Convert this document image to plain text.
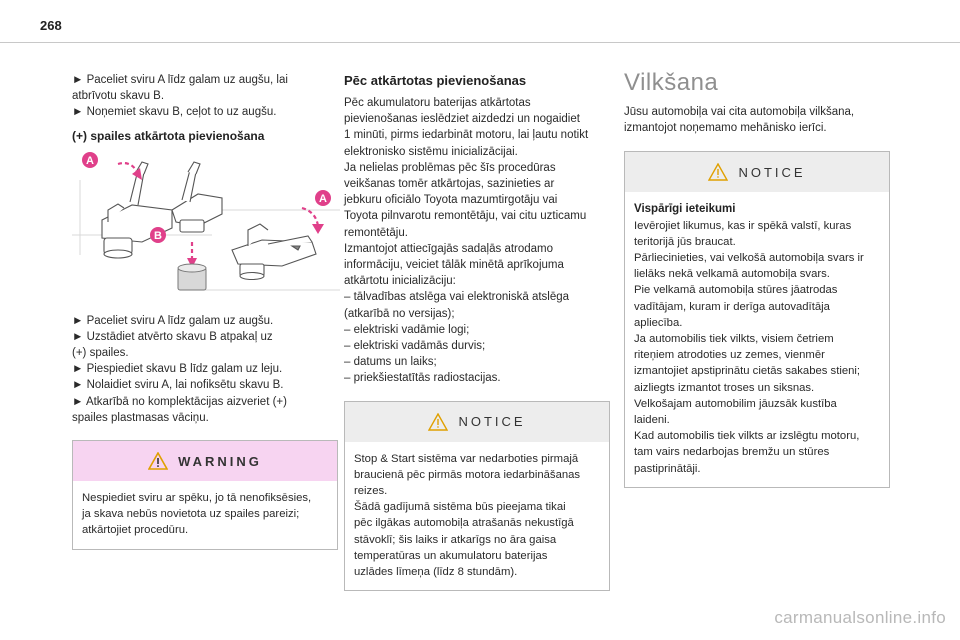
268
► Paceliet sviru A līdz galam uz augšu, lai
atbrīvotu skavu B.
► Noņemiet skavu B, ceļot to uz augšu.
(+) spailes atkārtota pievienošana
A
B
A
► Paceliet sviru A līdz galam uz augšu.
► Uzstādiet atvērto skavu B atpakaļ uz
(+) spailes.
► Piespiediet skavu B līdz galam uz leju.
► Nolaidiet sviru A, lai nofiksētu skavu B.
► Atkarībā no komplektācijas aizveriet (+)
spailes plastmasas vāciņu.
WARNING
Nespiediet sviru ar spēku, jo tā nenofiksēsies,
ja skava nebūs novietota uz spailes pareizi;
atkārtojiet procedūru.
Pēc atkārtotas pievienošanas
Pēc akumulatoru baterijas atkārtotas
pievienošanas ieslēdziet aizdedzi un nogaidiet
1 minūti, pirms iedarbināt motoru, lai ļautu notikt
elektronisko sistēmu inicializācijai.
Ja nelielas problēmas pēc šīs procedūras
veikšanas tomēr atkārtojas, sazinieties ar
jebkuru oficiālo Toyota mazumtirgotāju vai
Toyota pilnvarotu remontētāju, vai citu uzticamu
remontētāju.
Izmantojot attiecīgajās sadaļās atrodamo
informāciju, veiciet tālāk minētā aprīkojuma
atkārtotu inicializāciju:
– tālvadības atslēga vai elektroniskā atslēga
(atkarībā no versijas);
– elektriski vadāmie logi;
– elektriski vadāmās durvis;
– datums un laiks;
– priekšiestatītās radiostacijas.
NOTICE
Stop & Start sistēma var nedarboties pirmajā
braucienā pēc pirmās motora iedarbināšanas
reizes.
Šādā gadījumā sistēma būs pieejama tikai
pēc ilgākas automobiļa atrašanās nekustīgā
stāvoklī; šis laiks ir atkarīgs no āra gaisa
temperatūras un akumulatoru baterijas
uzlādes līmeņa (līdz 8 stundām).
Vilkšana
Jūsu automobiļa vai cita automobiļa vilkšana,
izmantojot noņemamo mehānisko ierīci.
NOTICE
Vispārīgi ieteikumi
Ievērojiet likumus, kas ir spēkā valstī, kuras
teritorijā jūs braucat.
Pārliecinieties, vai velkošā automobiļa svars ir
lielāks nekā velkamā automobiļa svars.
Pie velkamā automobiļa stūres jāatrodas
vadītājam, kuram ir derīga autovadītāja
apliecība.
Ja automobilis tiek vilkts, visiem četriem
riteņiem atrodoties uz zemes, vienmēr
izmantojiet apstiprinātu cietās sakabes stieni;
aizliegts izmantot troses un siksnas.
Velkošajam automobilim jāuzsāk kustība
laideni.
Kad automobilis tiek vilkts ar izslēgtu motoru,
tam vairs nedarbojas bremžu un stūres
pastiprinātāji.
carmanualsonline.info
